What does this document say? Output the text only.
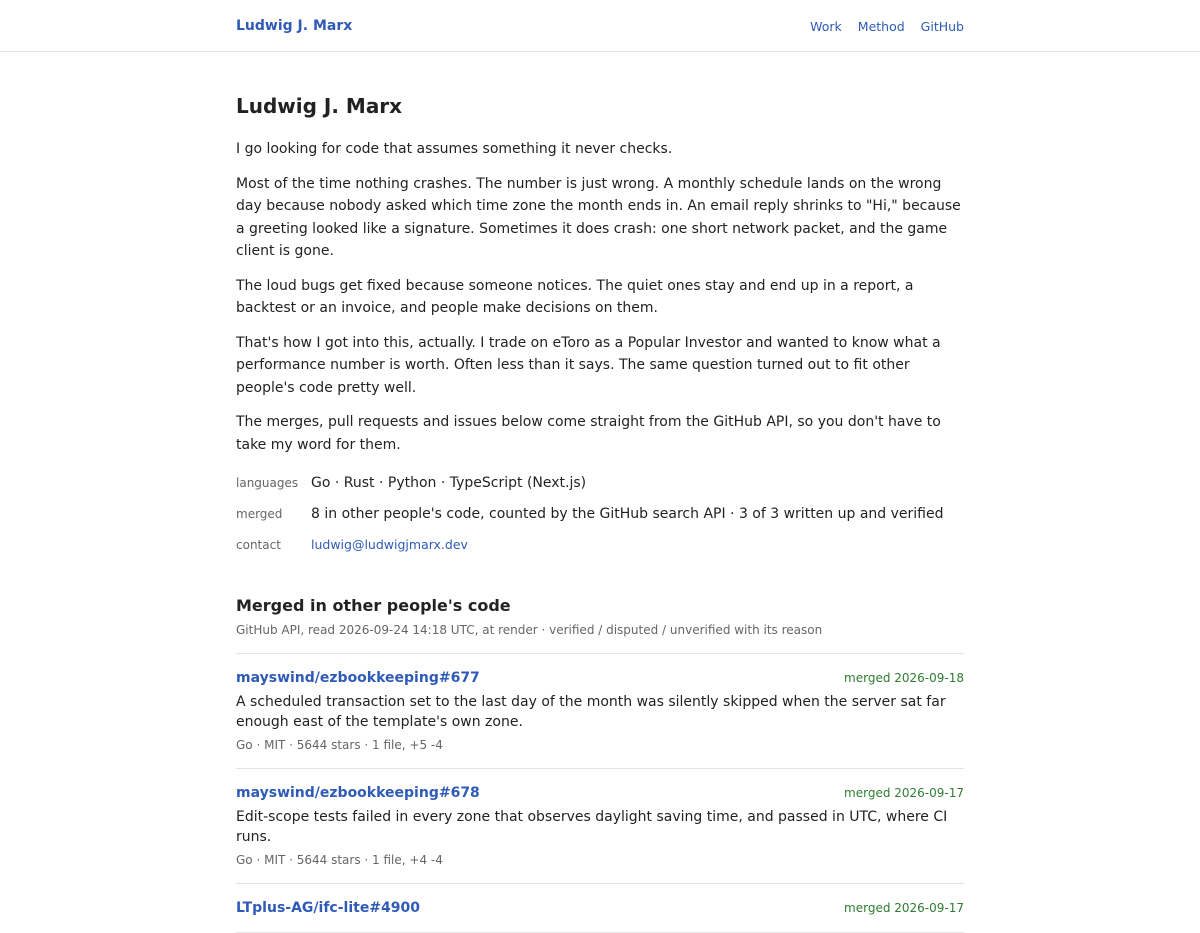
Ludwig J. Marx	Work Method GitHub
Ludwig J. Marx

I go looking for code that assumes something it never checks.

Most of the time nothing crashes. The number is just wrong. A monthly schedule lands on the wrong day because nobody asked which time zone the month ends in. An email reply shrinks to "Hi," because a greeting looked like a signature. Sometimes it does crash: one short network packet, and the game client is gone.

The loud bugs get fixed because someone notices. The quiet ones stay and end up in a report, a backtest or an invoice, and people make decisions on them.

That's how I got into this, actually. I trade on eToro as a Popular Investor and wanted to know what a performance number is worth. Often less than it says. The same question turned out to fit other people's code pretty well.

The merges, pull requests and issues below come straight from the GitHub API, so you don't have to take my word for them.

languages Go · Rust · Python · TypeScript (Next.js)
merged	8 in other people's code, counted by the GitHub search API · 3 of 3 written up and verified
contact	ludwig@ludwigjmarx.dev
Merged in other people's code
GitHub API, read 2026-09-24 14:18 UTC, at render · verified / disputed / unverified with its reason
mayswind/ezbookkeeping#677	merged 2026-09-18
A scheduled transaction set to the last day of the month was silently skipped when the server sat far enough east of the template's own zone.
Go · MIT · 5644 stars · 1 file, +5 -4
mayswind/ezbookkeeping#678	merged 2026-09-17
Edit-scope tests failed in every zone that observes daylight saving time, and passed in UTC, where CI runs.
Go · MIT · 5644 stars · 1 file, +4 -4
LTplus-AG/ifc-lite#4900	merged 2026-09-17
